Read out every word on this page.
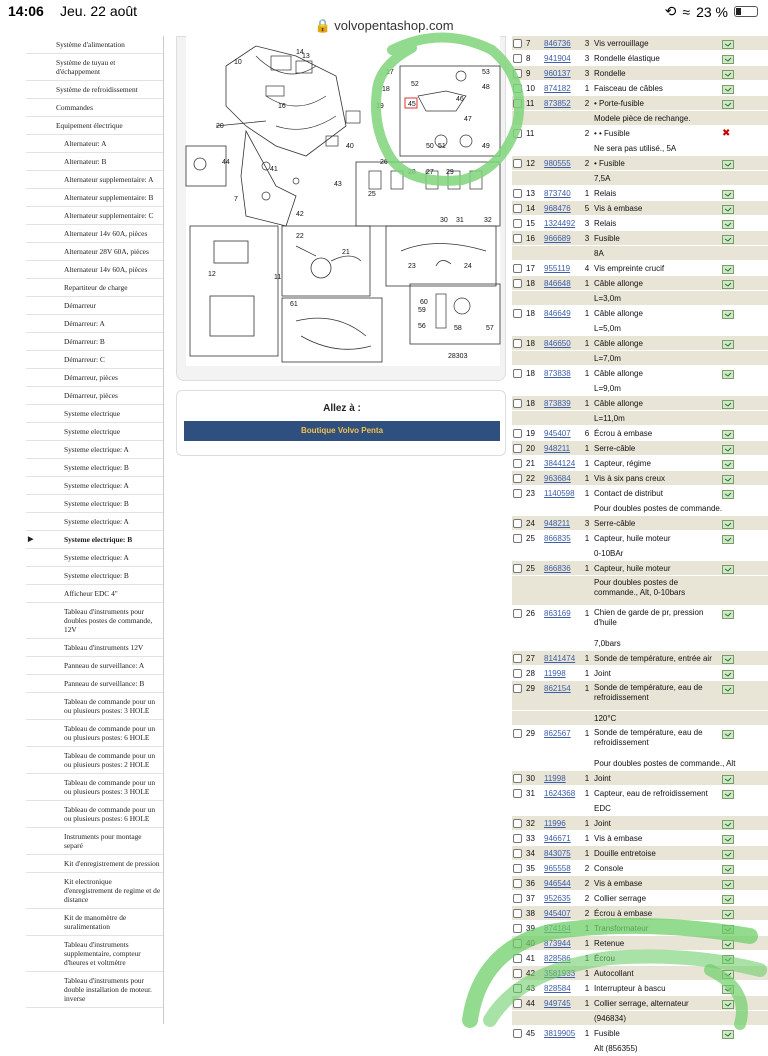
14:06 Jeu. 22 août
🔒 volvopentashop.com
⟲ ≈ 23 %
Système d'alimentation
Système de tuyau et d'échappement
Système de refroidissement
Commandes
Equipement électrique
Alternateur: A
Alternateur: B
Alternateur supplementaire: A
Alternateur supplementaire: B
Alternateur supplementaire: C
Alternateur 14v 60A, pièces
Alternateur 28V 60A, pièces
Alternateur 14v 60A, pièces
Repartiteur de charge
Démarreur
Démarreur: A
Démarreur: B
Démarreur: C
Démarreur, pièces
Démarreur, pièces
Systeme electrique
Systeme electrique
Systeme electrique: A
Systeme electrique: B
Systeme electrique: A
Systeme electrique: B
Systeme electrique: A
▶	Systeme electrique: B
Systeme electrique: A
Systeme electrique: B
Afficheur EDC 4"
Tableau d'instruments pour doubles postes de commande, 12V
Tableau d'instruments 12V
Panneau de surveillance: A
Panneau de surveillance: B
Tableau de commande pour un ou plusieurs postes: 3 HOLE
Tableau de commande pour un ou plusieurs postes: 6 HOLE
Tableau de commande pour un ou plusieurs postes: 2 HOLE
Tableau de commande pour un ou plusieurs postes: 3 HOLE
Tableau de commande pour un ou plusieurs postes: 6 HOLE
Instruments pour montage separé
Kit d'enregistrement de pression
Kit electronique d'enregistrement de regime et de distance
Kit de manomètre de suralimentation
Tableau d'instruments supplementaire, compteur d'heures et voltmètre
Tableau d'instruments pour double installation de moteur. inverse
10
14
13
16
17
18
19
20
40
44
41
43
42
7
11
12
21
22
23	24
29
27
28
26
25
30 31	32
45
46
47
48
49
50 51
52
53
56	57
58
59
60
61
28303
Allez à :
Boutique Volvo Penta
7	846736	3 Vis verrouillage
8	941904	3 Rondelle élastique
9	960137	3 Rondelle
10	874182	1 Faisceau de câbles
11	873852	2 • Porte-fusible
Modele pièce de rechange.
11	2 • • Fusible	✖
Ne sera pas utilisé., 5A
12	980555	2 • Fusible
7,5A
13	873740	1 Relais
14	968476	5 Vis à embase
15	1324492	3 Relais
16	966689	3 Fusible
8A
17	955119	4 Vis empreinte crucif
18	846648	1 Câble allonge
L=3,0m
18	846649	1 Câble allonge
L=5,0m
18	846650	1 Câble allonge
L=7,0m
18	873838	1 Câble allonge
L=9,0m
18	873839	1 Câble allonge
L=11,0m
19	945407	6 Écrou à embase
20	948211	1 Serre-câble
21	3844124	1 Capteur, régime
22	963684	1 Vis à six pans creux
23	1140598	1 Contact de distribut
Pour doubles postes de commande.
24	948211	3 Serre-câble
25	866835	1 Capteur, huile moteur
0-10BAr
25	866836	1 Capteur, huile moteur
Pour doubles postes de commande., Alt, 0-10bars
26	863169	1 Chien de garde de pr, pression d'huile
7,0bars
27	8141474	1 Sonde de température, entrée air
28	11998	1 Joint
29	862154	1 Sonde de température, eau de refroidissement
120°C
29	862567	1 Sonde de température, eau de refroidissement
Pour doubles postes de commande., Alt
30	11998	1 Joint
31	1624368	1 Capteur, eau de refroidissement
EDC
32	11996	1 Joint
33	946671	1 Vis à embase
34	843075	1 Douille entretoise
35	965558	2 Console
36	946544	2 Vis à embase
37	952635	2 Collier serrage
38	945407	2 Écrou à embase
39	874184	1 Transformateur
40	873944	1 Retenue
41	828586	1 Écrou
42	3581933	1 Autocollant
43	828584	1 Interrupteur à bascu
44	949745	1 Collier serrage, alternateur
(946834)
45	3819905	1 Fusible
Alt (856355)
